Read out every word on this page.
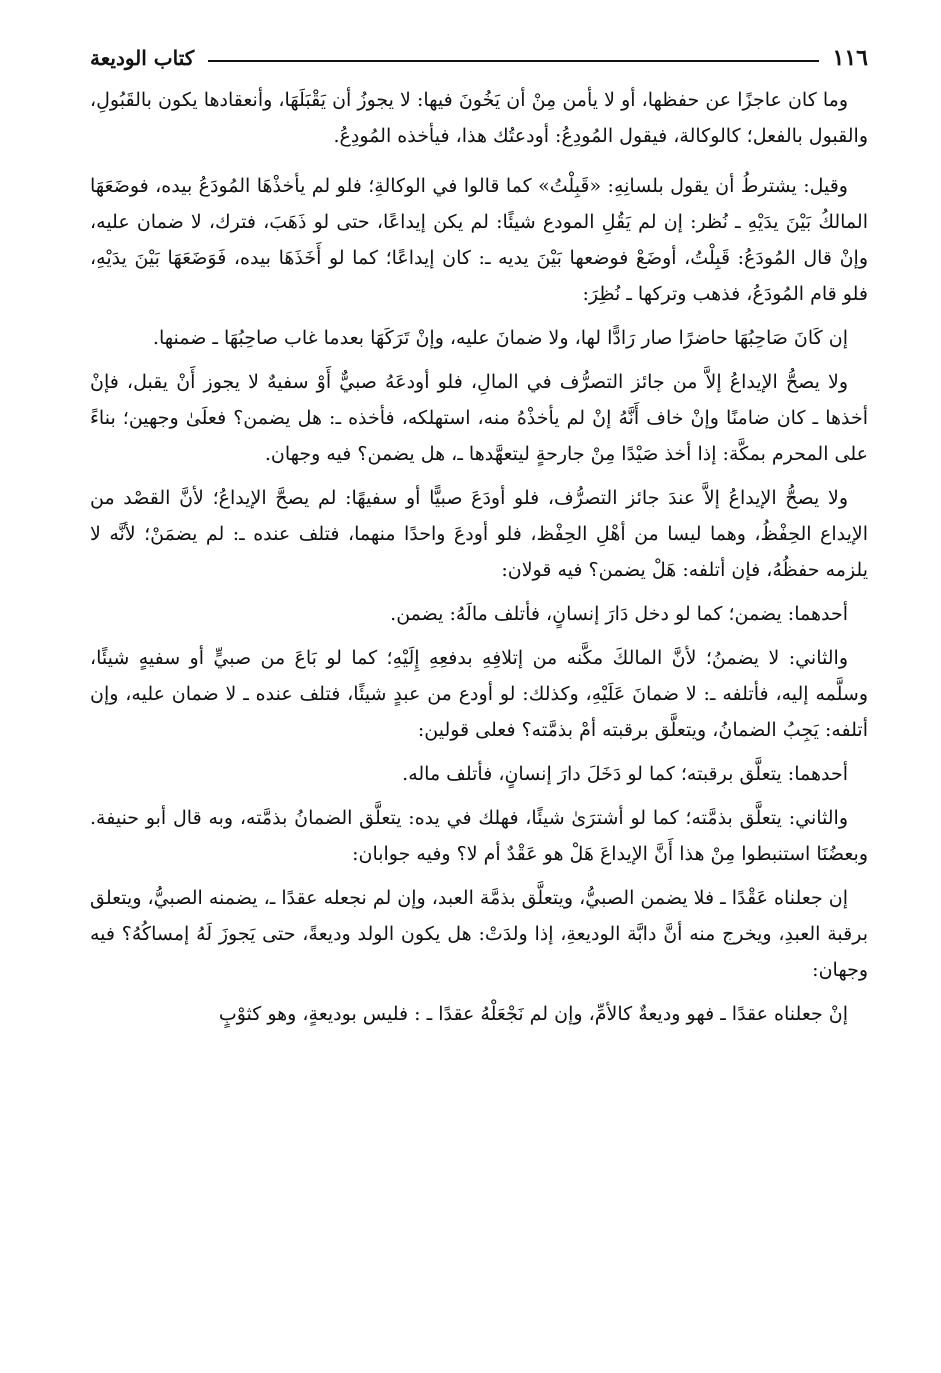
١١٦
كتاب الوديعة

وما كان عاجزًا عن حفظها، أو لا يأمن مِنْ أن يَخُونَ فيها: لا يجوزُ أن يَقْبَلَهَا، وأنعقادها يكون بالقَبُولِ، والقبول بالفعل؛ كالوكالة، فيقول المُودِعُ: أودعتُك هذا، فيأخذه المُودِعُ.

وقيل: يشترطُ أن يقول بلسانِهِ: «قَبِلْتُ» كما قالوا في الوكالةِ؛ فلو لم يأخذْهَا المُودَعُ بيده، فوضَعَهَا المالكُ بَيْنَ يدَيْهِ ـ نُظر: إن لم يَقُلِ المودع شيئًا: لم يكن إيداعًا، حتى لو ذَهَبَ، فترك، لا ضمان عليه، وإنْ قال المُودَعُ: قَبِلْتُ، أوضَعْ فوضعها بَيْنَ يديه ـ: كان إيداعًا؛ كما لو أَخَذَهَا بيده، فَوَضَعَهَا بَيْنَ يدَيْهِ، فلو قام المُودَعُ، فذهب وتركها ـ نُظِرَ:

إن كَانَ صَاحِبُهَا حاضرًا صار رَادًّا لها، ولا ضمانَ عليه، وإنْ تَرَكَهَا بعدما غاب صاحِبُهَا ـ ضمنها.

ولا يصحُّ الإيداعُ إلاَّ من جائز التصرُّف في المالِ، فلو أودعَهُ صبيٌّ أَوْ سفيهٌ لا يجوز أَنْ يقبل، فإنْ أخذها ـ كان ضامنًا وإنْ خاف أَنَّهُ إنْ لم يأخذْهُ منه، استهلكه، فأخذه ـ: هل يضمن؟ فعلَىٰ وجهين؛ بناءً على المحرم بمكَّة: إذا أخذ صَيْدًا مِنْ جارحةٍ ليتعهَّدها ـ، هل يضمن؟ فيه وجهان.

ولا يصحُّ الإيداعُ إلاَّ عندَ جائز التصرُّف، فلو أودَعَ صبيًّا أو سفيهًا: لم يصحَّ الإيداعُ؛ لأنَّ القصْد من الإيداع الحِفْظُ، وهما ليسا من أهْلِ الحِفْظ، فلو أودعَ واحدًا منهما، فتلف عنده ـ: لم يضمَنْ؛ لأنَّه لا يلزمه حفظُهُ، فإن أتلفه: هَلْ يضمن؟ فيه قولان:

أحدهما: يضمن؛ كما لو دخل دَارَ إنسانٍ، فأتلف مالَهُ: يضمن.

والثاني: لا يضمنُ؛ لأنَّ المالكَ مكَّنه من إتلافِهِ بدفعِهِ إِلَيْهِ؛ كما لو بَاعَ من صبيٍّ أو سفيهٍ شيئًا، وسلَّمه إليه، فأتلفه ـ: لا ضمانَ عَلَيْهِ، وكذلك: لو أودع من عبدٍ شيئًا، فتلف عنده ـ لا ضمان عليه، وإن أتلفه: يَجِبُ الضمانُ، ويتعلَّق برقبته أمْ بذمَّته؟ فعلى قولين:

أحدهما: يتعلَّق برقبته؛ كما لو دَخَلَ دارَ إنسانٍ، فأتلف ماله.

والثاني: يتعلَّق بذمَّته؛ كما لو أشترَىٰ شيئًا، فهلك في يده: يتعلَّق الضمانُ بذمَّته، وبه قال أبو حنيفة. وبعضُنَا استنبطوا مِنْ هذا أَنَّ الإيداعَ هَلْ هو عَقْدٌ أم لا؟ وفيه جوابان:

إن جعلناه عَقْدًا ـ فلا يضمن الصبيُّ، ويتعلَّق بذمَّة العبد، وإن لم نجعله عقدًا ـ، يضمنه الصبيُّ، ويتعلق برقبة العبدِ، ويخرج منه أنَّ دابَّة الوديعةِ، إذا ولدَتْ: هل يكون الولد وديعةً، حتى يَجوزَ لَهُ إمساكُهُ؟ فيه وجهان:

إنْ جعلناه عقدًا ـ فهو وديعةٌ كالأمِّ، وإن لم نَجْعَلْهُ عقدًا ـ : فليس بوديعةٍ، وهو كثوْبٍ
